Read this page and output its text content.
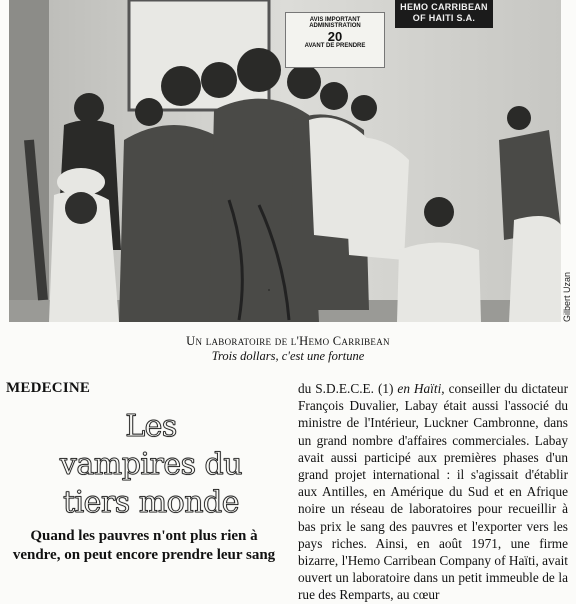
HEMO CARRIBEAN
OF HAITI S.A.
AVIS IMPORTANT
ADMINISTRATION
20
AVANT DE PRENDRE
Gilbert Uzan
Un laboratoire de l'Hemo Carribean
Trois dollars, c'est une fortune
MEDECINE
Les
vampires du
tiers monde
Quand les pauvres n'ont plus rien à vendre, on peut encore prendre leur sang

du S.D.E.C.E. (1) en Haïti, conseiller du dictateur François Duvalier, Labay était aussi l'associé du ministre de l'Intérieur, Luckner Cambronne, dans un grand nombre d'affaires commerciales. Labay avait aussi participé aux premières phases d'un grand projet international : il s'agissait d'établir aux Antilles, en Amérique du Sud et en Afrique noire un réseau de laboratoires pour recueillir à bas prix le sang des pauvres et l'exporter vers les pays riches. Ainsi, en août 1971, une firme bizarre, l'Hemo Carribean Company of Haïti, avait ouvert un laboratoire dans un petit immeuble de la rue des Remparts, au cœur
